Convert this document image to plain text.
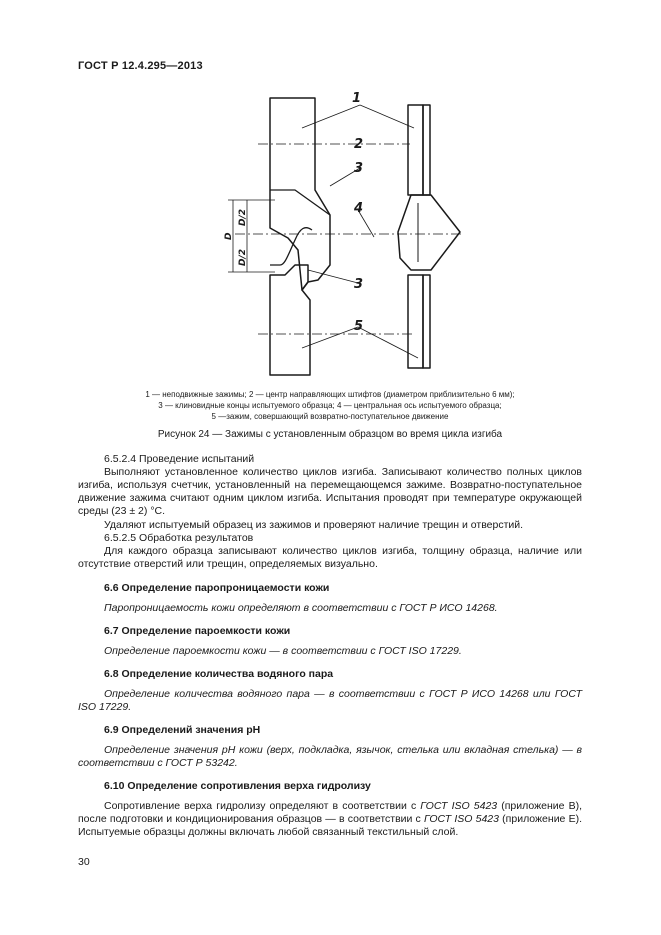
ГОСТ Р 12.4.295—2013
1
2
3
4
3
5
D
D/2
D/2
1 — неподвижные зажимы; 2 — центр направляющих штифтов (диаметром приблизительно 6 мм);
3 — клиновидные концы испытуемого образца; 4 — центральная ось испытуемого образца;
5 —зажим, совершающий возвратно-поступательное движение
Рисунок 24 — Зажимы с установленным образцом во время цикла изгиба
6.5.2.4 Проведение испытаний
Выполняют установленное количество циклов изгиба. Записывают количество полных циклов изгиба, используя счетчик, установленный на перемещающемся зажиме. Возвратно-поступательное движение зажима считают одним циклом изгиба. Испытания проводят при температуре окружающей среды (23 ± 2) °С.
Удаляют испытуемый образец из зажимов и проверяют наличие трещин и отверстий.
6.5.2.5 Обработка результатов
Для каждого образца записывают количество циклов изгиба, толщину образца, наличие или отсутствие отверстий или трещин, определяемых визуально.
6.6 Определение паропроницаемости кожи
Паропроницаемость кожи определяют в соответствии с ГОСТ Р ИСО 14268.
6.7 Определение пароемкости кожи
Определение пароемкости кожи — в соответствии с ГОСТ ISO 17229.
6.8 Определение количества водяного пара
Определение количества водяного пара — в соответствии с ГОСТ Р ИСО 14268 или ГОСТ ISO 17229.
6.9 Определений значения pH
Определение значения pH кожи (верх, подкладка, язычок, стелька или вкладная стелька) — в соответствии с ГОСТ Р 53242.
6.10 Определение сопротивления верха гидролизу
Сопротивление верха гидролизу определяют в соответствии с ГОСТ ISO 5423 (приложение В), после подготовки и кондиционирования образцов — в соответствии с ГОСТ ISO 5423 (приложение Е). Испытуемые образцы должны включать любой связанный текстильный слой.
30
